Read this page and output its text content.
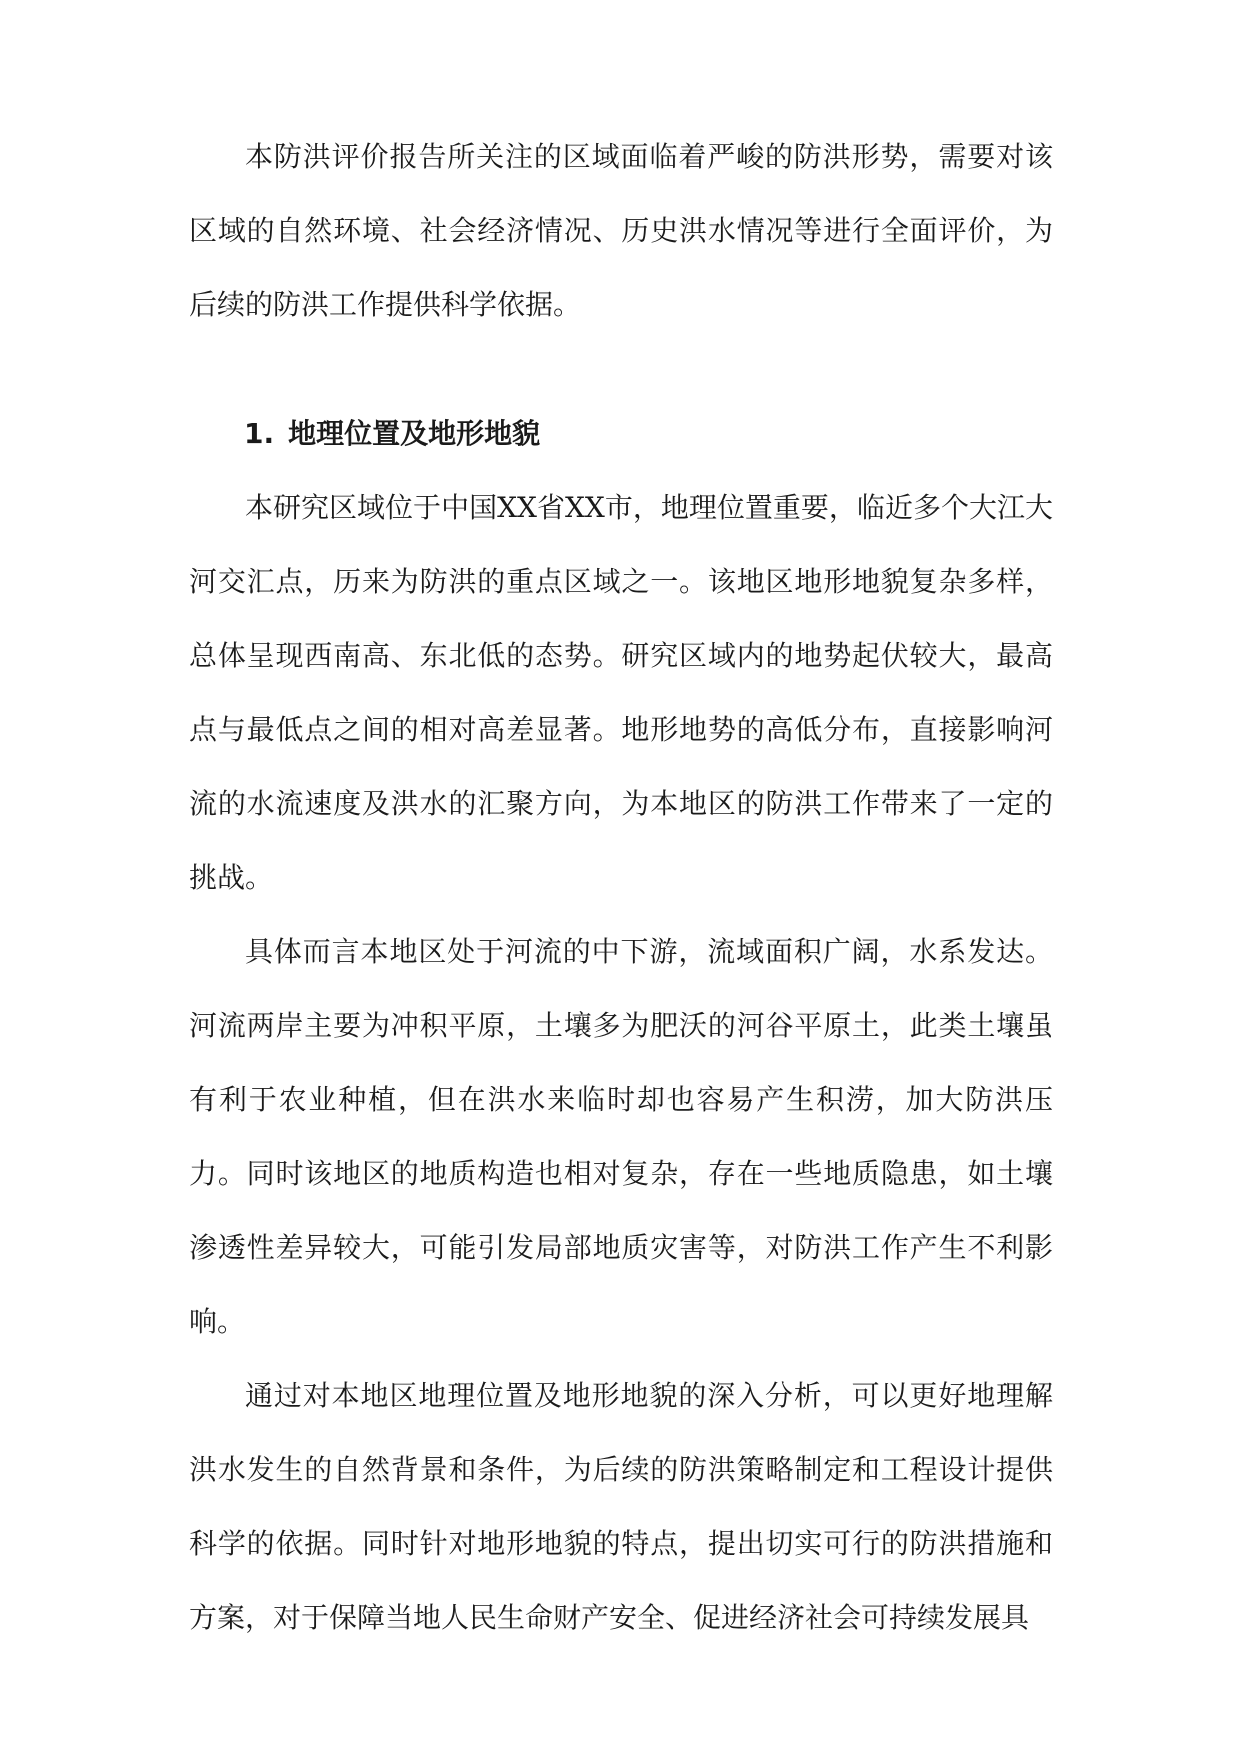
本防洪评价报告所关注的区域面临着严峻的防洪形势，需要对该区域的自然环境、社会经济情况、历史洪水情况等进行全面评价，为后续的防洪工作提供科学依据。

1. 地理位置及地形地貌

本研究区域位于中国XX省XX市，地理位置重要，临近多个大江大河交汇点，历来为防洪的重点区域之一。该地区地形地貌复杂多样，总体呈现西南高、东北低的态势。研究区域内的地势起伏较大，最高点与最低点之间的相对高差显著。地形地势的高低分布，直接影响河流的水流速度及洪水的汇聚方向，为本地区的防洪工作带来了一定的挑战。

具体而言本地区处于河流的中下游，流域面积广阔，水系发达。河流两岸主要为冲积平原，土壤多为肥沃的河谷平原土，此类土壤虽有利于农业种植，但在洪水来临时却也容易产生积涝，加大防洪压力。同时该地区的地质构造也相对复杂，存在一些地质隐患，如土壤渗透性差异较大，可能引发局部地质灾害等，对防洪工作产生不利影响。

通过对本地区地理位置及地形地貌的深入分析，可以更好地理解洪水发生的自然背景和条件，为后续的防洪策略制定和工程设计提供科学的依据。同时针对地形地貌的特点，提出切实可行的防洪措施和方案，对于保障当地人民生命财产安全、促进经济社会可持续发展具
